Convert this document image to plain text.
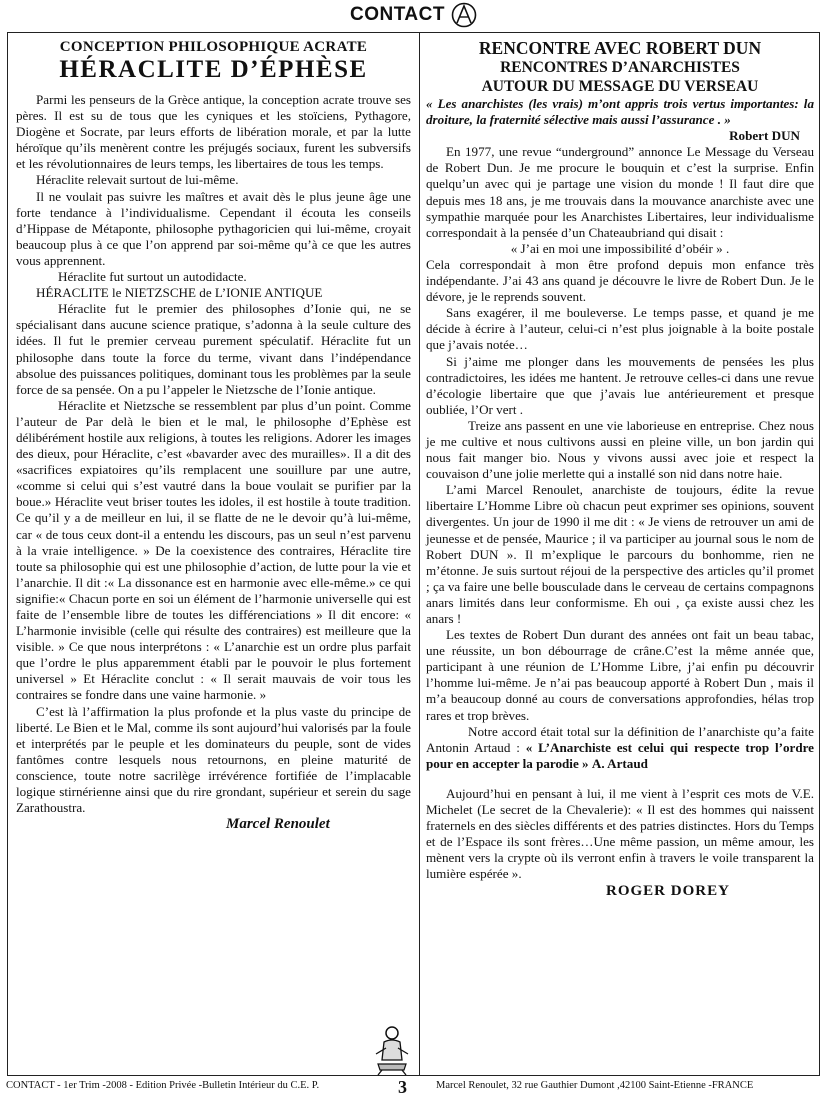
CONTACT

CONCEPTION PHILOSOPHIQUE ACRATE

HÉRACLITE D’ÉPHÈSE

Parmi les penseurs de la Grèce antique, la conception acrate trouve ses pères. Il est su de tous que les cyniques et les stoïciens, Pythagore, Diogène et Socrate, par leurs efforts de libération morale, et par la lutte héroïque qu’ils menèrent contre les préjugés sociaux, furent les subversifs et les révolutionnaires de leurs temps, les libertaires de tous les temps.

Héraclite relevait surtout de lui-même.

Il ne voulait pas suivre les maîtres et avait dès le plus jeune âge une forte tendance à l’individualisme. Cependant il écouta les conseils d’Hippase de Métaponte, philosophe pythagoricien qui lui-même, croyait beaucoup plus à ce que l’on apprend par soi-même qu’à ce que les autres vous apprennent.

Héraclite fut surtout un autodidacte.

HÉRACLITE le NIETZSCHE de L’IONIE ANTIQUE

Héraclite fut le premier des philosophes d’Ionie qui, ne se spécialisant dans aucune science pratique, s’adonna à la seule culture des idées. Il fut le premier cerveau purement spéculatif. Héraclite fut un philosophe dans toute la force du terme, vivant dans l’indépendance absolue des puissances politiques, dominant tous les problèmes par la seule force de sa pensée. On a pu l’appeler le Nietzsche de l’Ionie antique.

Héraclite et Nietzsche se ressemblent par plus d’un point. Comme l’auteur de Par delà le bien et le mal, le philosophe d’Ephèse est délibérément hostile aux religions, à toutes les religions. Adorer les images des dieux, pour Héraclite, c’est «bavarder avec des murailles». Il a dit des «sacrifices expiatoires qu’ils remplacent une souillure par une autre, «comme si celui qui s’est vautré dans la boue voulait se purifier par la boue.» Héraclite veut briser toutes les idoles, il est hostile à toute tradition. Ce qu’il y a de meilleur en lui, il se flatte de ne le devoir qu’à lui-même, car « de tous ceux dont-il a entendu les discours, pas un seul n’est parvenu à la vraie intelligence. » De la coexistence des contraires, Héraclite tire toute sa philosophie qui est une philosophie d’action, de lutte pour la vie et l’anarchie. Il dit :« La dissonance est en harmonie avec elle-même.» ce qui signifie:« Chacun porte en soi un élément de l’harmonie universelle qui est faite de l’ensemble libre de toutes les différenciations » Il dit encore: « L’harmonie invisible (celle qui résulte des contraires) est meilleure que la visible. » Ce que nous interprétons : « L’anarchie est un ordre plus parfait que l’ordre le plus apparemment établi par le pouvoir le plus fortement universel » Et Héraclite conclut : « Il serait mauvais de voir tous les contraires se fondre dans une vaine harmonie. »

C’est là l’affirmation la plus profonde et la plus vaste du principe de liberté. Le Bien et le Mal, comme ils sont aujourd’hui valorisés par la foule et interprétés par le peuple et les dominateurs du peuple, sont de vides fantômes contre lesquels nous retournons, en pleine maturité de conscience, toute notre sacrilège irrévérence fortifiée de l’implacable logique stirnérienne ainsi que du rire grondant, supérieur et serein du sage Zarathoustra.

Marcel Renoulet

RENCONTRE AVEC ROBERT DUN

RENCONTRES D’ANARCHISTES

AUTOUR DU MESSAGE DU VERSEAU

« Les anarchistes (les vrais) m’ont appris trois vertus importantes: la droiture, la fraternité sélective mais aussi l’assurance . »

Robert DUN

En 1977, une revue “underground” annonce Le Message du Verseau de Robert Dun. Je me procure le bouquin et c’est la surprise. Enfin quelqu’un avec qui je partage une vision du monde ! Il faut dire que depuis mes 18 ans, je me trouvais dans la mouvance anarchiste avec une sympathie marquée pour les Anarchistes Libertaires, leur individualisme correspondait à la pensée d’un Chateaubriand qui disait :

« J’ai en moi une impossibilité d’obéir » .

Cela correspondait à mon être profond depuis mon enfance très indépendante. J’ai 43 ans quand je découvre le livre de Robert Dun. Je le dévore, je le reprends souvent.

Sans exagérer, il me bouleverse. Le temps passe, et quand je me décide à écrire à l’auteur, celui-ci n’est plus joignable à la boite postale que j’avais notée…

Si j’aime me plonger dans les mouvements de pensées les plus contradictoires, les idées me hantent. Je retrouve celles-ci dans une revue d’écologie libertaire que que j’avais lue antérieurement et presque oubliée, l’Or vert .

Treize ans passent en une vie laborieuse en entreprise. Chez nous je me cultive et nous cultivons aussi en pleine ville, un bon jardin qui nous fait manger bio. Nous y vivons aussi avec joie et respect la couvaison d’une jolie merlette qui a installé son nid dans notre haie.

L’ami Marcel Renoulet, anarchiste de toujours, édite la revue libertaire L’Homme Libre où chacun peut exprimer ses opinions, souvent divergentes. Un jour de 1990 il me dit : « Je viens de retrouver un ami de jeunesse et de pensée, Maurice ; il va participer au journal sous le nom de Robert DUN ». Il m’explique le parcours du bonhomme, rien ne m’étonne. Je suis surtout réjoui de la perspective des articles qu’il promet ; ça va faire une belle bousculade dans le cerveau de certains compagnons anars limités dans leur conformisme. Eh oui , ça existe aussi chez les anars !

Les textes de Robert Dun durant des années ont fait un beau tabac, une réussite, un bon débourrage de crâne.C’est la même année que, participant à une réunion de L’Homme Libre, j’ai enfin pu découvrir l’homme lui-même. Je n’ai pas beaucoup apporté à Robert Dun , mais il m’a beaucoup donné au cours de conversations approfondies, hélas trop rares et trop brèves.

Notre accord était total sur la définition de l’anarchiste qu’a faite Antonin Artaud : « L’Anarchiste est celui qui respecte trop l’ordre pour en accepter la parodie » A. Artaud

Aujourd’hui en pensant à lui, il me vient à l’esprit ces mots de V.E. Michelet (Le secret de la Chevalerie): « Il est des hommes qui naissent fraternels en des siècles différents et des patries distinctes. Hors du Temps et de l’Espace ils sont frères…Une même passion, un même amour, les mènent vers la crypte où ils verront enfin à travers le voile transparent la lumière espérée ».

ROGER DOREY

CONTACT - 1er Trim -2008 - Edition Privée -Bulletin Intérieur du C.E. P.	3	Marcel Renoulet, 32 rue Gauthier Dumont ,42100 Saint-Etienne -FRANCE
